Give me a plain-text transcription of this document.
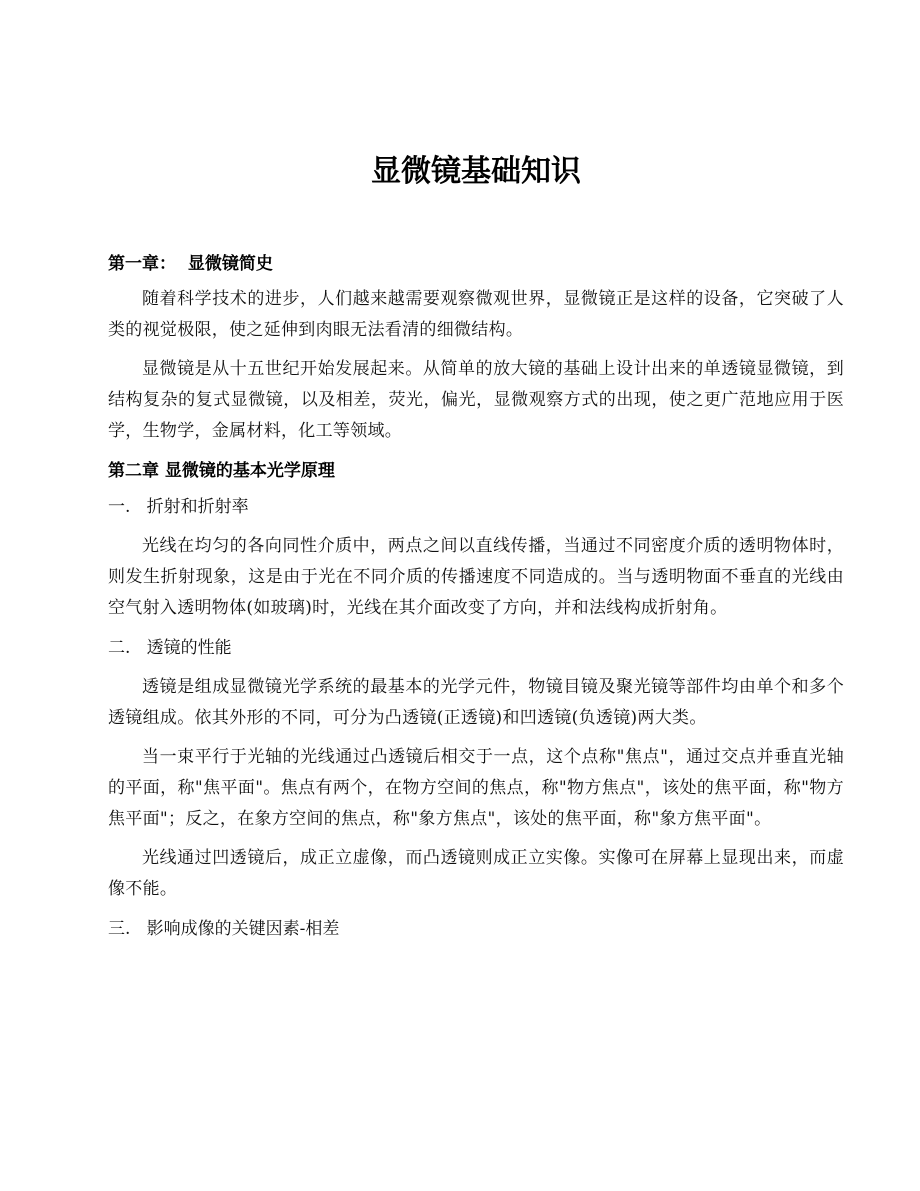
显微镜基础知识
第一章：  显微镜简史

随着科学技术的进步，人们越来越需要观察微观世界，显微镜正是这样的设备，它突破了人类的视觉极限，使之延伸到肉眼无法看清的细微结构。

显微镜是从十五世纪开始发展起来。从简单的放大镜的基础上设计出来的单透镜显微镜，到结构复杂的复式显微镜，以及相差，荧光，偏光，显微观察方式的出现，使之更广范地应用于医学，生物学，金属材料，化工等领域。

第二章 显微镜的基本光学原理
一.   折射和折射率

光线在均匀的各向同性介质中，两点之间以直线传播，当通过不同密度介质的透明物体时，则发生折射现象，这是由于光在不同介质的传播速度不同造成的。当与透明物面不垂直的光线由空气射入透明物体(如玻璃)时，光线在其介面改变了方向，并和法线构成折射角。

二.   透镜的性能

透镜是组成显微镜光学系统的最基本的光学元件，物镜目镜及聚光镜等部件均由单个和多个透镜组成。依其外形的不同，可分为凸透镜(正透镜)和凹透镜(负透镜)两大类。

当一束平行于光轴的光线通过凸透镜后相交于一点，这个点称"焦点"，通过交点并垂直光轴的平面，称"焦平面"。焦点有两个，在物方空间的焦点，称"物方焦点"，该处的焦平面，称"物方焦平面"；反之，在象方空间的焦点，称"象方焦点"，该处的焦平面，称"象方焦平面"。

光线通过凹透镜后，成正立虚像，而凸透镜则成正立实像。实像可在屏幕上显现出来，而虚像不能。

三.   影响成像的关键因素-相差
